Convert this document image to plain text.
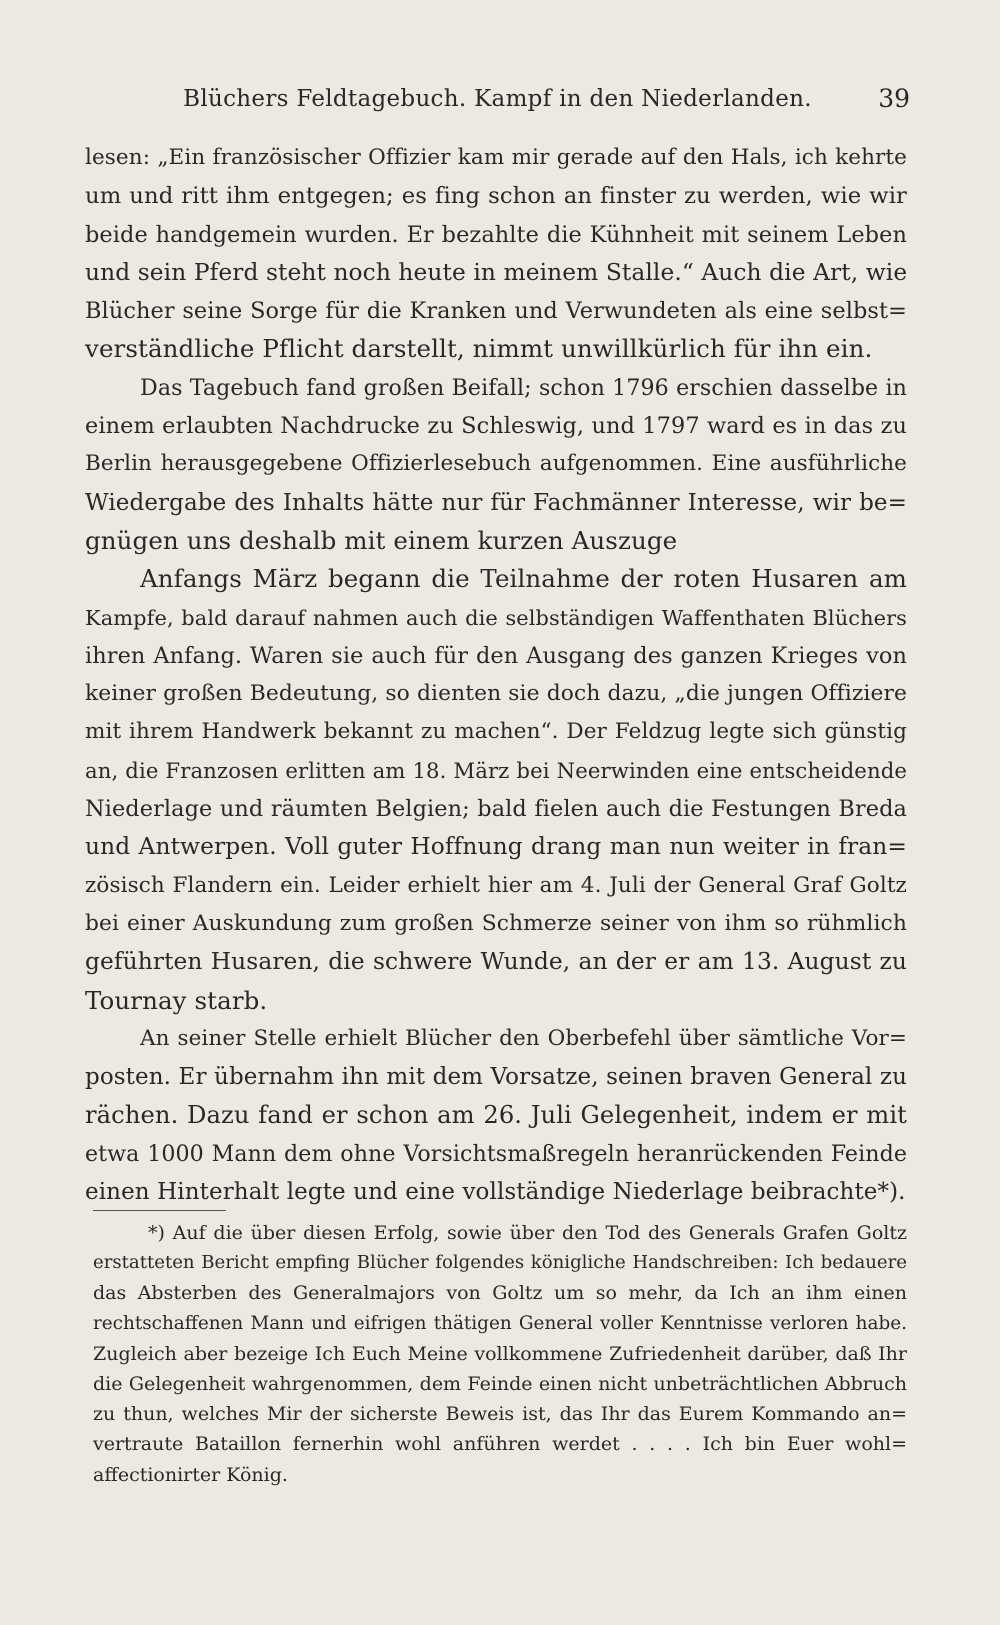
Blüchers Feldtagebuch. Kampf in den Niederlanden.	39
lesen: „Ein französischer Offizier kam mir gerade auf den Hals, ich kehrte
um und ritt ihm entgegen; es fing schon an finster zu werden, wie wir
beide handgemein wurden. Er bezahlte die Kühnheit mit seinem Leben
und sein Pferd steht noch heute in meinem Stalle.“ Auch die Art, wie
Blücher seine Sorge für die Kranken und Verwundeten als eine selbst=
verständliche Pflicht darstellt, nimmt unwillkürlich für ihn ein.
Das Tagebuch fand großen Beifall; schon 1796 erschien dasselbe in
einem erlaubten Nachdrucke zu Schleswig, und 1797 ward es in das zu
Berlin herausgegebene Offizierlesebuch aufgenommen. Eine ausführliche
Wiedergabe des Inhalts hätte nur für Fachmänner Interesse, wir be=
gnügen uns deshalb mit einem kurzen Auszuge
Anfangs März begann die Teilnahme der roten Husaren am
Kampfe, bald darauf nahmen auch die selbständigen Waffenthaten Blüchers
ihren Anfang. Waren sie auch für den Ausgang des ganzen Krieges von
keiner großen Bedeutung, so dienten sie doch dazu, „die jungen Offiziere
mit ihrem Handwerk bekannt zu machen“. Der Feldzug legte sich günstig
an, die Franzosen erlitten am 18. März bei Neerwinden eine entscheidende
Niederlage und räumten Belgien; bald fielen auch die Festungen Breda
und Antwerpen. Voll guter Hoffnung drang man nun weiter in fran=
zösisch Flandern ein. Leider erhielt hier am 4. Juli der General Graf Goltz
bei einer Auskundung zum großen Schmerze seiner von ihm so rühmlich
geführten Husaren, die schwere Wunde, an der er am 13. August zu
Tournay starb.
An seiner Stelle erhielt Blücher den Oberbefehl über sämtliche Vor=
posten. Er übernahm ihn mit dem Vorsatze, seinen braven General zu
rächen. Dazu fand er schon am 26. Juli Gelegenheit, indem er mit
etwa 1000 Mann dem ohne Vorsichtsmaßregeln heranrückenden Feinde
einen Hinterhalt legte und eine vollständige Niederlage beibrachte*).
*) Auf die über diesen Erfolg, sowie über den Tod des Generals Grafen Goltz
erstatteten Bericht empfing Blücher folgendes königliche Handschreiben: Ich bedauere
das Absterben des Generalmajors von Goltz um so mehr, da Ich an ihm einen
rechtschaffenen Mann und eifrigen thätigen General voller Kenntnisse verloren habe.
Zugleich aber bezeige Ich Euch Meine vollkommene Zufriedenheit darüber, daß Ihr
die Gelegenheit wahrgenommen, dem Feinde einen nicht unbeträchtlichen Abbruch
zu thun, welches Mir der sicherste Beweis ist, das Ihr das Eurem Kommando an=
vertraute Bataillon fernerhin wohl anführen werdet . . . . Ich bin Euer wohl=
affectionirter König.
